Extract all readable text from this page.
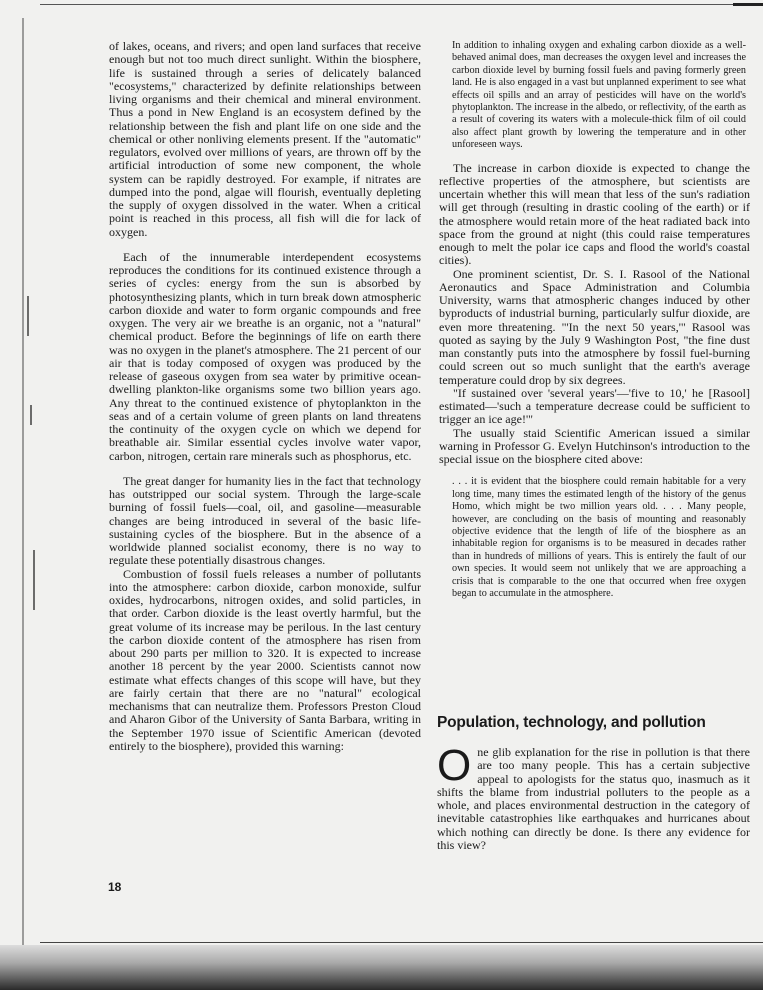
of lakes, oceans, and rivers; and open land surfaces that receive enough but not too much direct sunlight. Within the biosphere, life is sustained through a series of delicately balanced "ecosystems," characterized by definite relationships between living organisms and their chemical and mineral environment. Thus a pond in New England is an ecosystem defined by the relationship between the fish and plant life on one side and the chemical or other nonliving elements present. If the "automatic" regulators, evolved over millions of years, are thrown off by the artificial introduction of some new component, the whole system can be rapidly destroyed. For example, if nitrates are dumped into the pond, algae will flourish, eventually depleting the supply of oxygen dissolved in the water. When a critical point is reached in this process, all fish will die for lack of oxygen.

Each of the innumerable interdependent ecosystems reproduces the conditions for its continued existence through a series of cycles: energy from the sun is absorbed by photosynthesizing plants, which in turn break down atmospheric carbon dioxide and water to form organic compounds and free oxygen. The very air we breathe is an organic, not a "natural" chemical product. Before the beginnings of life on earth there was no oxygen in the planet's atmosphere. The 21 percent of our air that is today composed of oxygen was produced by the release of gaseous oxygen from sea water by primitive ocean-dwelling plankton-like organisms some two billion years ago. Any threat to the continued existence of phytoplankton in the seas and of a certain volume of green plants on land threatens the continuity of the oxygen cycle on which we depend for breathable air. Similar essential cycles involve water vapor, carbon, nitrogen, certain rare minerals such as phosphorus, etc.

The great danger for humanity lies in the fact that technology has outstripped our social system. Through the large-scale burning of fossil fuels—coal, oil, and gasoline—measurable changes are being introduced in several of the basic life-sustaining cycles of the biosphere. But in the absence of a worldwide planned socialist economy, there is no way to regulate these potentially disastrous changes.

Combustion of fossil fuels releases a number of pollutants into the atmosphere: carbon dioxide, carbon monoxide, sulfur oxides, hydrocarbons, nitrogen oxides, and solid particles, in that order. Carbon dioxide is the least overtly harmful, but the great volume of its increase may be perilous. In the last century the carbon dioxide content of the atmosphere has risen from about 290 parts per million to 320. It is expected to increase another 18 percent by the year 2000. Scientists cannot now estimate what effects changes of this scope will have, but they are fairly certain that there are no "natural" ecological mechanisms that can neutralize them. Professors Preston Cloud and Aharon Gibor of the University of Santa Barbara, writing in the September 1970 issue of Scientific American (devoted entirely to the biosphere), provided this warning:

In addition to inhaling oxygen and exhaling carbon dioxide as a well-behaved animal does, man decreases the oxygen level and increases the carbon dioxide level by burning fossil fuels and paving formerly green land. He is also engaged in a vast but unplanned experiment to see what effects oil spills and an array of pesticides will have on the world's phytoplankton. The increase in the albedo, or reflectivity, of the earth as a result of covering its waters with a molecule-thick film of oil could also affect plant growth by lowering the temperature and in other unforeseen ways.

The increase in carbon dioxide is expected to change the reflective properties of the atmosphere, but scientists are uncertain whether this will mean that less of the sun's radiation will get through (resulting in drastic cooling of the earth) or if the atmosphere would retain more of the heat radiated back into space from the ground at night (this could raise temperatures enough to melt the polar ice caps and flood the world's coastal cities).

One prominent scientist, Dr. S. I. Rasool of the National Aeronautics and Space Administration and Columbia University, warns that atmospheric changes induced by other byproducts of industrial burning, particularly sulfur dioxide, are even more threatening. "'In the next 50 years,'" Rasool was quoted as saying by the July 9 Washington Post, "the fine dust man constantly puts into the atmosphere by fossil fuel-burning could screen out so much sunlight that the earth's average temperature could drop by six degrees.

"If sustained over 'several years'—'five to 10,' he [Rasool] estimated—'such a temperature decrease could be sufficient to trigger an ice age!'"

The usually staid Scientific American issued a similar warning in Professor G. Evelyn Hutchinson's introduction to the special issue on the biosphere cited above:

. . . it is evident that the biosphere could remain habitable for a very long time, many times the estimated length of the history of the genus Homo, which might be two million years old. . . . Many people, however, are concluding on the basis of mounting and reasonably objective evidence that the length of life of the biosphere as an inhabitable region for organisms is to be measured in decades rather than in hundreds of millions of years. This is entirely the fault of our own species. It would seem not unlikely that we are approaching a crisis that is comparable to the one that occurred when free oxygen began to accumulate in the atmosphere.

Population, technology, and pollution
O ne glib explanation for the rise in pollution is that there are too many people. This has a certain subjective appeal to apologists for the status quo, inasmuch as it shifts the blame from industrial polluters to the people as a whole, and places environmental destruction in the category of inevitable catastrophies like earthquakes and hurricanes about which nothing can directly be done. Is there any evidence for this view?
18
